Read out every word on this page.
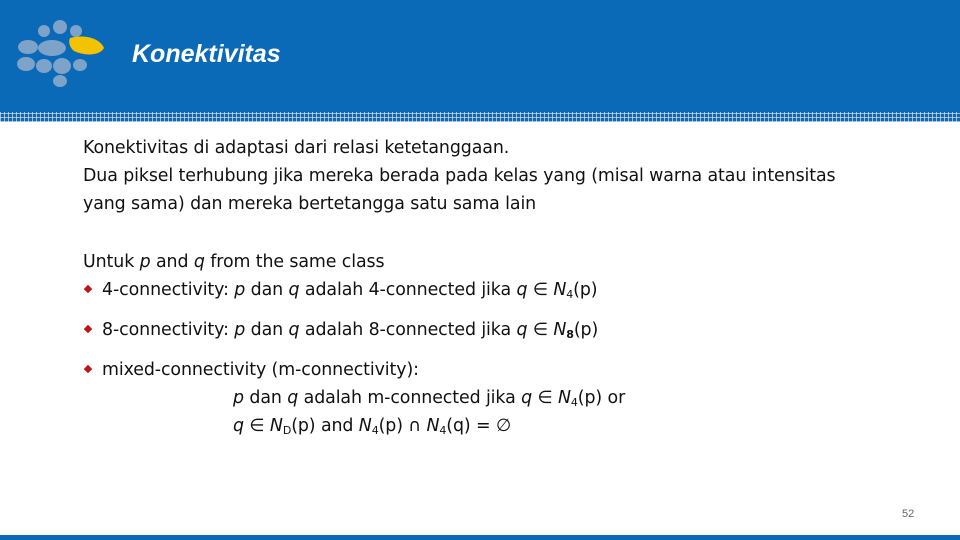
Konektivitas

Konektivitas di adaptasi dari relasi ketetanggaan.

Dua piksel terhubung jika mereka berada pada kelas yang (misal warna atau intensitas

yang sama) dan mereka bertetangga satu sama lain

Untuk p and q from the same class

4-connectivity: p dan q adalah 4-connected jika q ∈ $N_4(p)$
8-connectivity: p dan q adalah 8-connected jika q ∈ $N_8(p)$
mixed-connectivity (m-connectivity):

p dan q adalah m-connected jika q ∈ $N_4(p)$ or

q ∈ $N_D(p)$ and $N_4(p)$ ∩ $N_4(q)$ = ∅

52
